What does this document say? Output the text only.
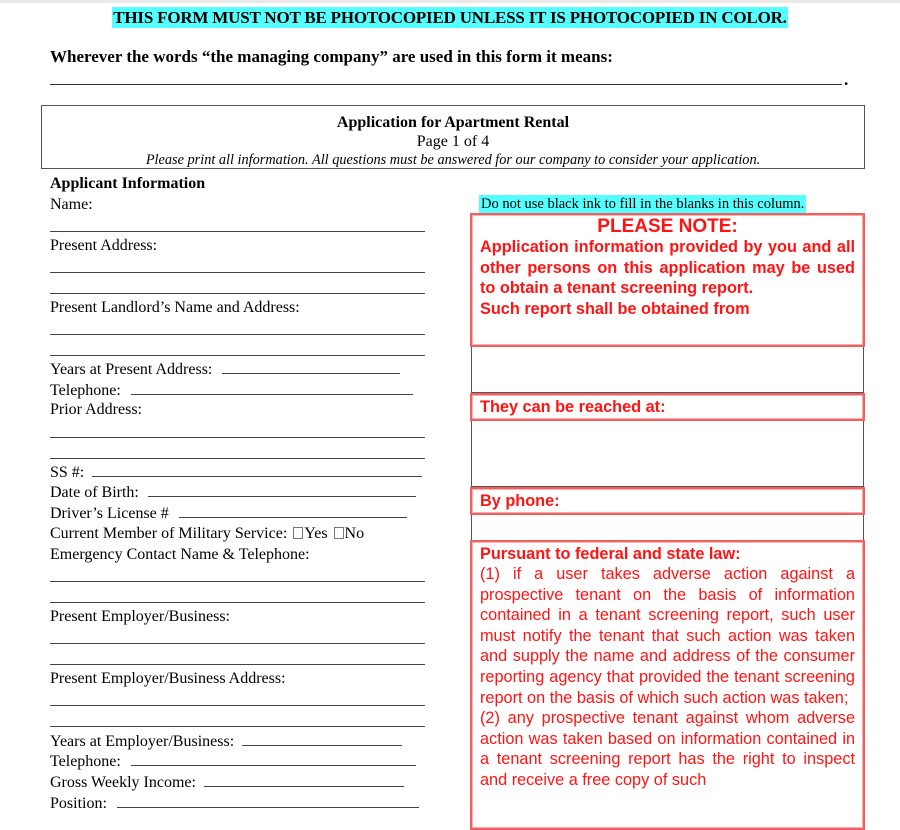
THIS FORM MUST NOT BE PHOTOCOPIED UNLESS IT IS PHOTOCOPIED IN COLOR.
Wherever the words “the managing company” are used in this form it means:
.
Application for Apartment Rental
Page 1 of 4
Please print all information. All questions must be answered for our company to consider your application.
Applicant Information
Name:
Present Address:
Present Landlord’s Name and Address:
Years at Present Address:
Telephone:
Prior Address:
SS #:
Date of Birth:
Driver’s License #
Current Member of Military Service: Yes No
Emergency Contact Name & Telephone:
Present Employer/Business:
Present Employer/Business Address:
Years at Employer/Business:
Telephone:
Gross Weekly Income:
Position:
Do not use black ink to fill in the blanks in this column.
PLEASE NOTE:
Application information provided by you and all other persons on this application may be used to obtain a tenant screening report.
Such report shall be obtained from
They can be reached at:
By phone:
Pursuant to federal and state law:
(1) if a user takes adverse action against a prospective tenant on the basis of information contained in a tenant screening report, such user must notify the tenant that such action was taken and supply the name and address of the consumer reporting agency that provided the tenant screening report on the basis of which such action was taken;
(2) any prospective tenant against whom adverse action was taken based on information contained in a tenant screening report has the right to inspect and receive a free copy of such
